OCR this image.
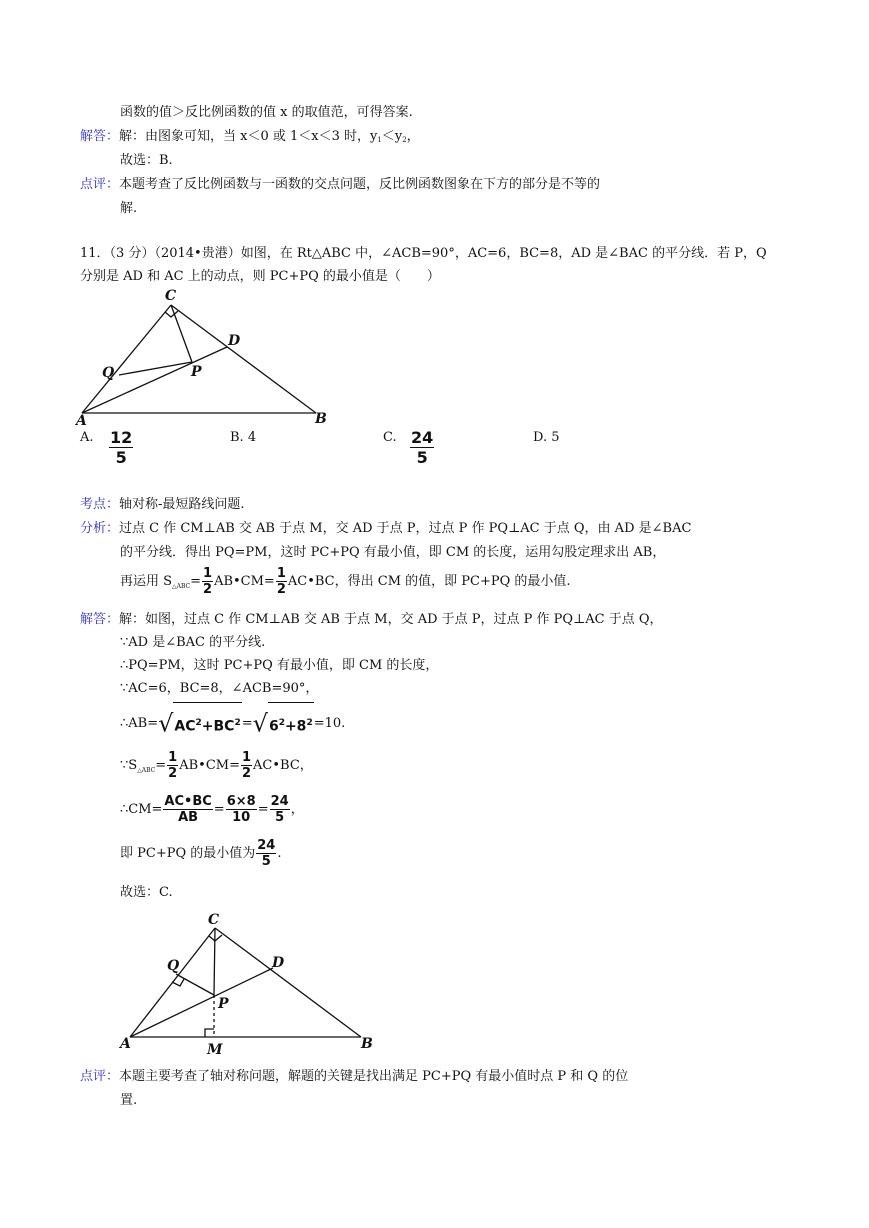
函数的值＞反比例函数的值 x 的取值范，可得答案.
解答：解：由图象可知，当 x＜0 或 1＜x＜3 时，$y_1<y_2$，
故选：B.
点评：本题考查了反比例函数与一函数的交点问题，反比例函数图象在下方的部分是不等的
解.
11．（3 分）（2014•贵港）如图，在 Rt△ABC 中，∠ACB=90°，AC=6，BC=8，AD 是∠BAC 的平分线．若 P，Q
分别是 AD 和 AC 上的动点，则 PC+PQ 的最小值是（　　）
C
D
Q	P
A	B
A. $\frac{12}{5}$	B. 4	C. $\frac{24}{5}$	D. 5
考点：轴对称-最短路线问题.
分析：过点 C 作 CM⊥AB 交 AB 于点 M，交 AD 于点 P，过点 P 作 PQ⊥AC 于点 Q，由 AD 是∠BAC
的平分线．得出 PQ=PM，这时 PC+PQ 有最小值，即 CM 的长度，运用勾股定理求出 AB，
再运用 $S_{\triangle ABC}= \frac{1}{2}$ AB•CM= $\frac{1}{2}$ AC•BC，得出 CM 的值，即 PC+PQ 的最小值.
解答：解：如图，过点 C 作 CM⊥AB 交 AB 于点 M，交 AD 于点 P，过点 P 作 PQ⊥AC 于点 Q，
∵AD 是∠BAC 的平分线.
∴PQ=PM，这时 PC+PQ 有最小值，即 CM 的长度，
∵AC=6，BC=8，∠ACB=90°，
$\therefore AB=√AC^2+BC^2=√6^2+8^2=10$.
$\because S_{\triangle ABC}= \frac{1}{2}$ AB•CM= $\frac{1}{2}$ AC•BC，
∴CM= $\frac{AC•BC}{AB} = \frac{6\times 8}{10} = \frac{24}{5}$ ，
即 PC+PQ 的最小值为 $\frac{24}{5}$ .
故选：C.
C
D
Q
P
A	B
M
点评：本题主要考查了轴对称问题，解题的关键是找出满足 PC+PQ 有最小值时点 P 和 Q 的位
置.
